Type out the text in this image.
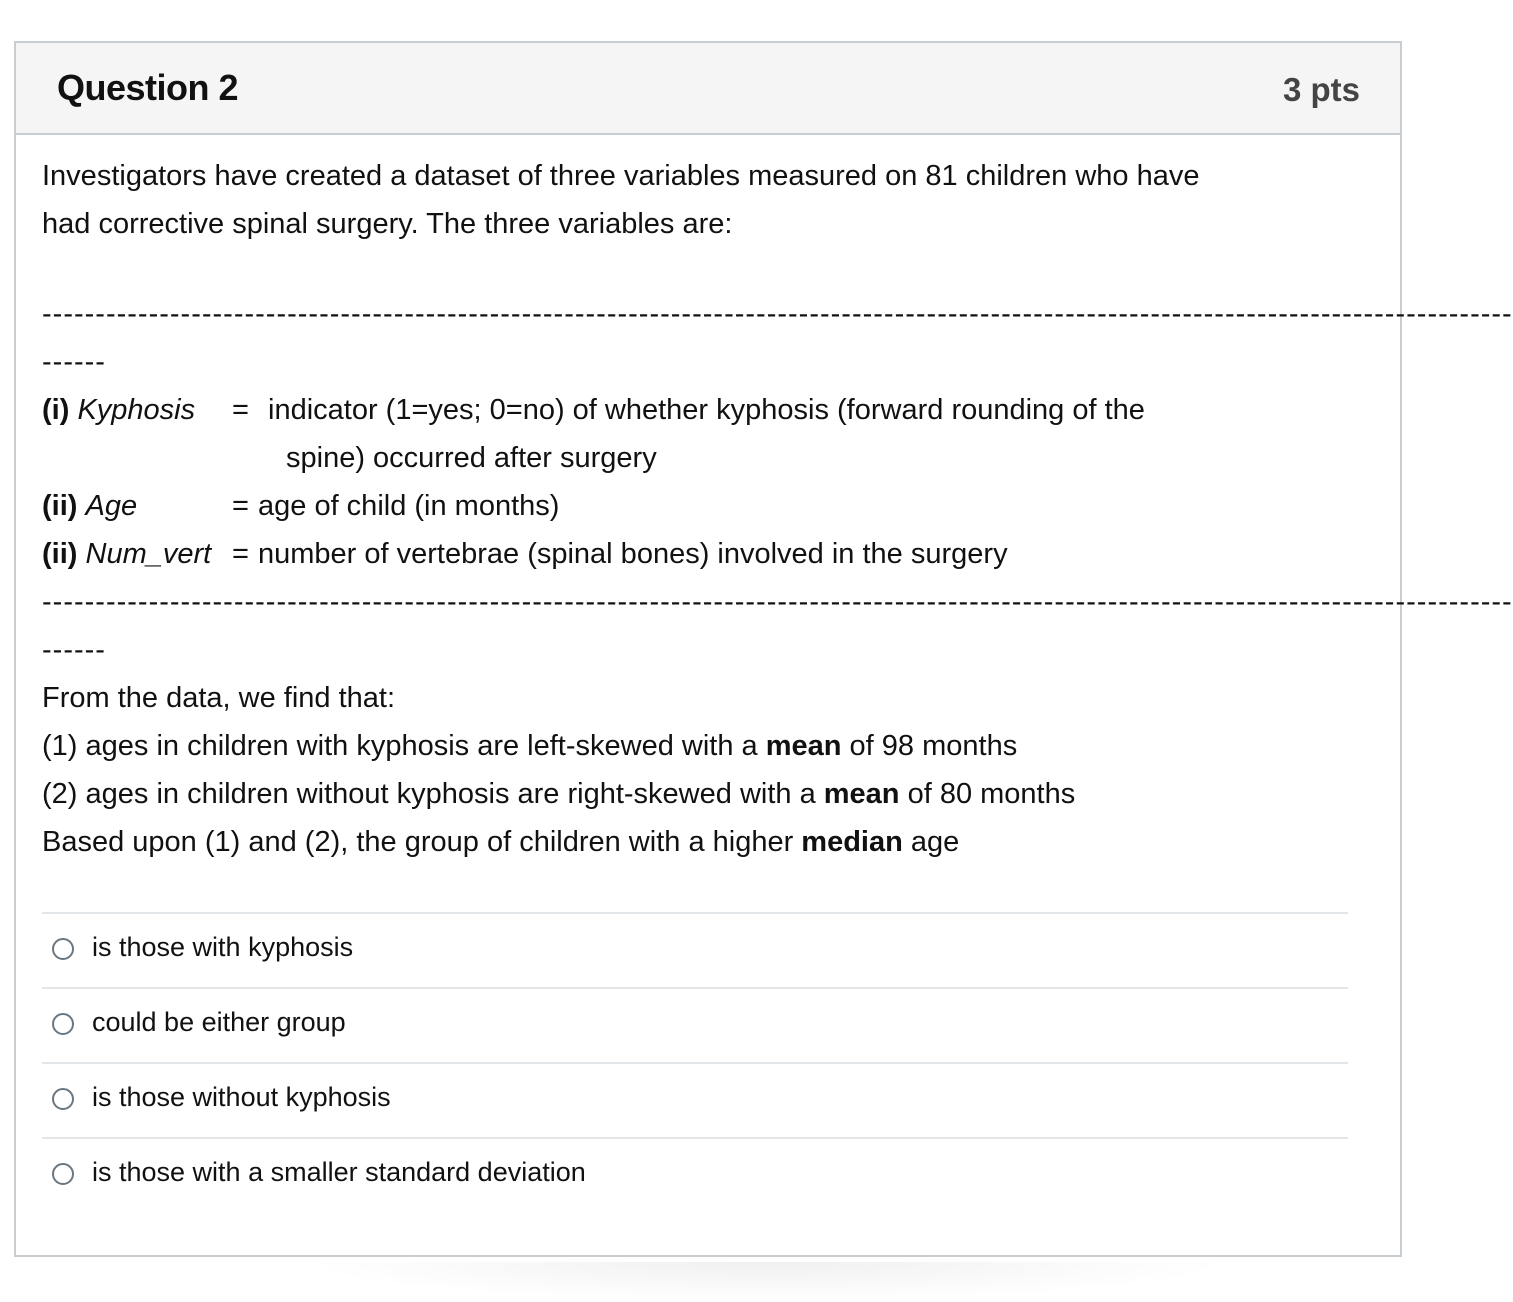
Question 2	3 pts
Investigators have created a dataset of three variables measured on 81 children who have
had corrective spinal surgery. The three variables are:
------------------------------------------------------------------------------------------------------------------------------------------
------
(i) Kyphosis = indicator (1=yes; 0=no) of whether kyphosis (forward rounding of the
spine) occurred after surgery
(ii) Age	= age of child (in months)
(ii) Num_vert = number of vertebrae (spinal bones) involved in the surgery
------------------------------------------------------------------------------------------------------------------------------------------
------
From the data, we find that:
(1) ages in children with kyphosis are left-skewed with a mean of 98 months
(2) ages in children without kyphosis are right-skewed with a mean of 80 months
Based upon (1) and (2), the group of children with a higher median age
is those with kyphosis
could be either group
is those without kyphosis
is those with a smaller standard deviation
